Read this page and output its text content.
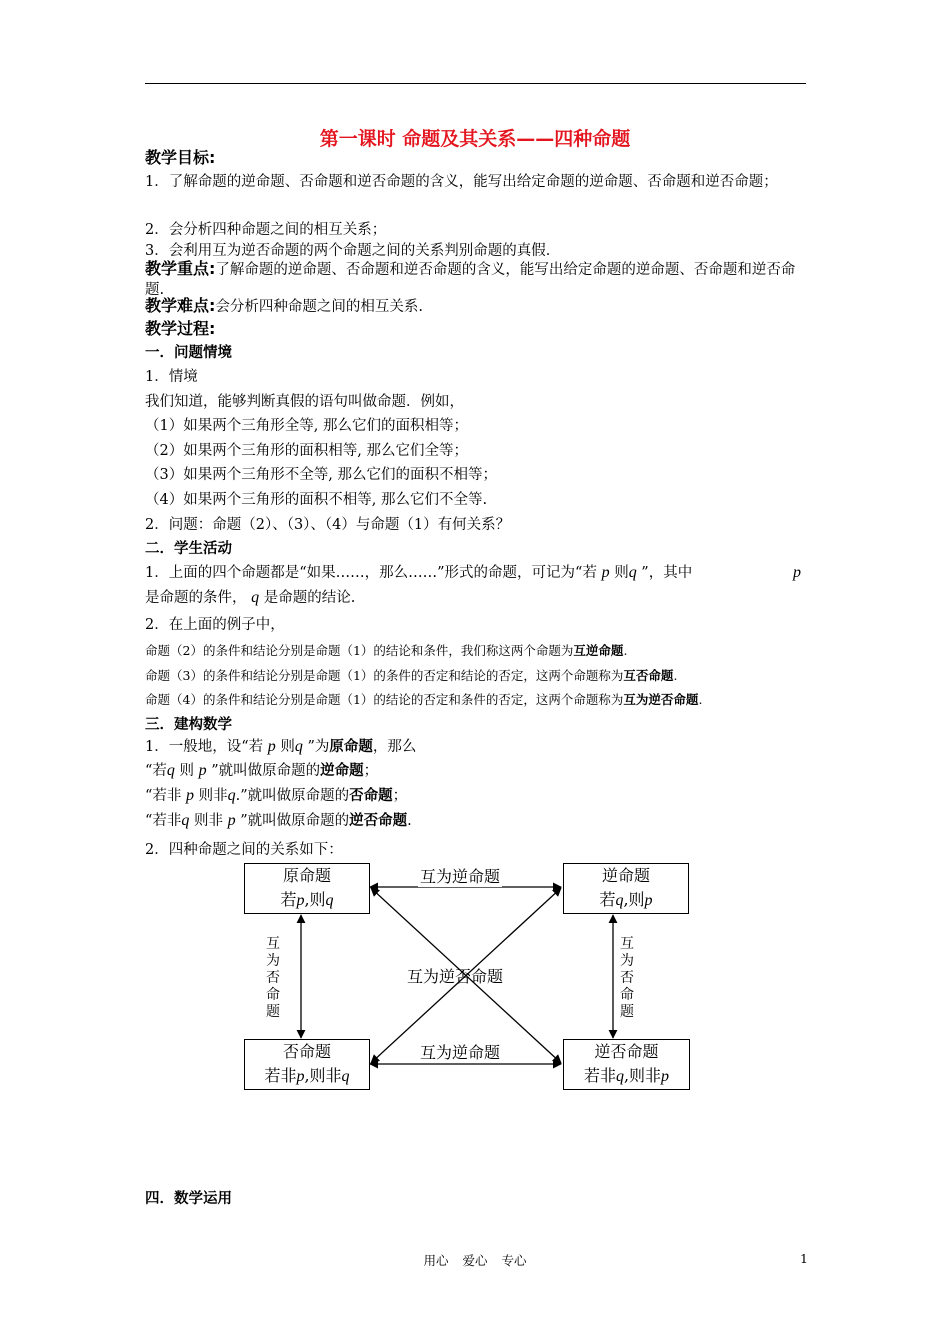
第一课时 命题及其关系——四种命题
教学目标:
1．了解命题的逆命题、否命题和逆否命题的含义，能写出给定命题的逆命题、否命题和逆否命题；
2．会分析四种命题之间的相互关系；
3．会利用互为逆否命题的两个命题之间的关系判别命题的真假．
教学重点:了解命题的逆命题、否命题和逆否命题的含义，能写出给定命题的逆命题、否命题和逆否命题.
教学难点:会分析四种命题之间的相互关系.
教学过程:
一．问题情境
1．情境
我们知道，能够判断真假的语句叫做命题．例如，
（1）如果两个三角形全等, 那么它们的面积相等；
（2）如果两个三角形的面积相等, 那么它们全等；
（3）如果两个三角形不全等, 那么它们的面积不相等；
（4）如果两个三角形的面积不相等, 那么它们不全等.
2．问题：命题（2）、（3）、（4）与命题（1）有何关系？
二．学生活动
1．上面的四个命题都是“如果……，那么……”形式的命题，可记为“若 p 则q ”，其中	p
是命题的条件， q 是命题的结论.
2．在上面的例子中，
命题（2）的条件和结论分别是命题（1）的结论和条件，我们称这两个命题为互逆命题.
命题（3）的条件和结论分别是命题（1）的条件的否定和结论的否定，这两个命题称为互否命题.
命题（4）的条件和结论分别是命题（1）的结论的否定和条件的否定，这两个命题称为互为逆否命题.
三．建构数学
1．一般地，设“若 p 则q ”为原命题，那么
“若q 则 p ”就叫做原命题的逆命题；
“若非 p 则非q.”就叫做原命题的否命题；
“若非q 则非 p ”就叫做原命题的逆否命题.
2．四种命题之间的关系如下：
原命题
若p,则q
逆命题
若q,则p
否命题
若非p,则非q
逆否命题
若非q,则非p
互为逆命题
互为逆命题
互为逆否命题
互
为
否
命
题
互
为
否
命
题
四．数学运用
用心 爱心 专心	1
